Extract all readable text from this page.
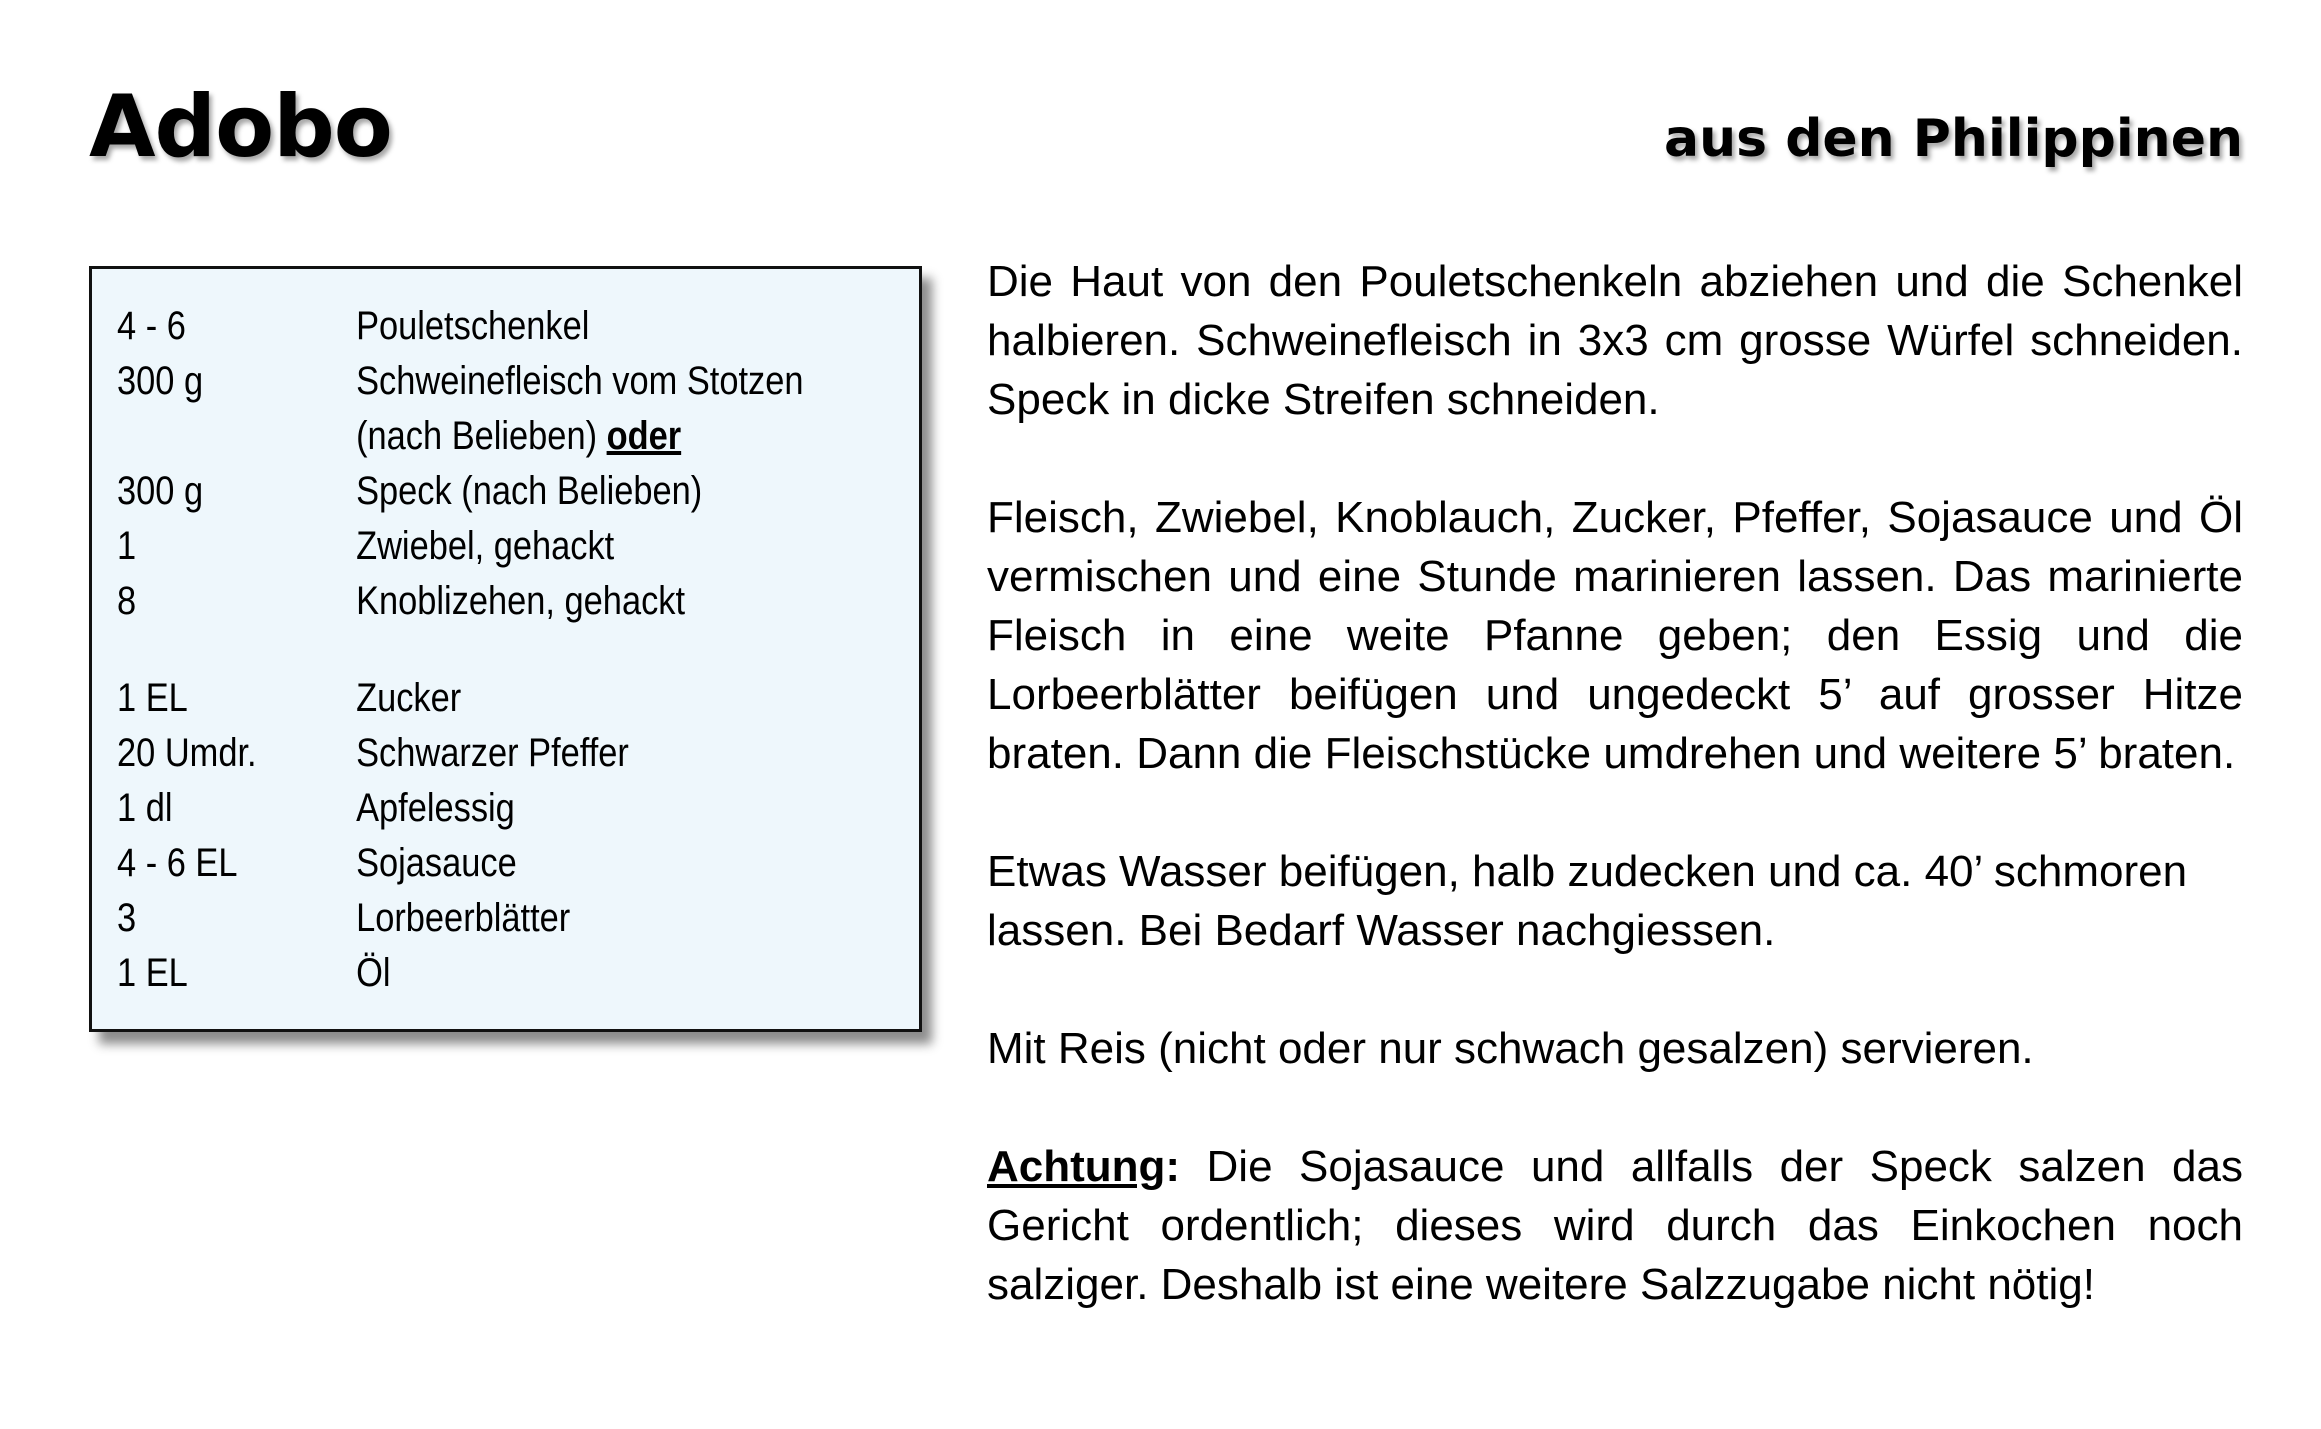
Adobo	aus den Philippinen
4 - 6	Pouletschenkel
300 g	Schweinefleisch vom Stotzen
(nach Belieben) oder
300 g	Speck (nach Belieben)
1	Zwiebel, gehackt
8	Knoblizehen, gehackt
1 EL	Zucker
20 Umdr.	Schwarzer Pfeffer
1 dl	Apfelessig
4 - 6 EL	Sojasauce
3	Lorbeerblätter
1 EL	Öl

Die Haut von den Pouletschenkeln abziehen und die Schenkel halbieren. Schweinefleisch in 3x3 cm grosse Würfel schneiden. Speck in dicke Streifen schneiden.

Fleisch, Zwiebel, Knoblauch, Zucker, Pfeffer, Sojasauce und Öl vermischen und eine Stunde marinieren lassen. Das marinierte Fleisch in eine weite Pfanne geben; den Essig und die Lorbeerblätter beifügen und ungedeckt 5’ auf grosser Hitze braten. Dann die Fleischstücke umdrehen und weitere 5’ braten.

Etwas Wasser beifügen, halb zudecken und ca. 40’ schmoren lassen. Bei Bedarf Wasser nachgiessen.

Mit Reis (nicht oder nur schwach gesalzen) servieren.

Achtung: Die Sojasauce und allfalls der Speck salzen das Gericht ordentlich; dieses wird durch das Einkochen noch salziger. Deshalb ist eine weitere Salzzugabe nicht nötig!
